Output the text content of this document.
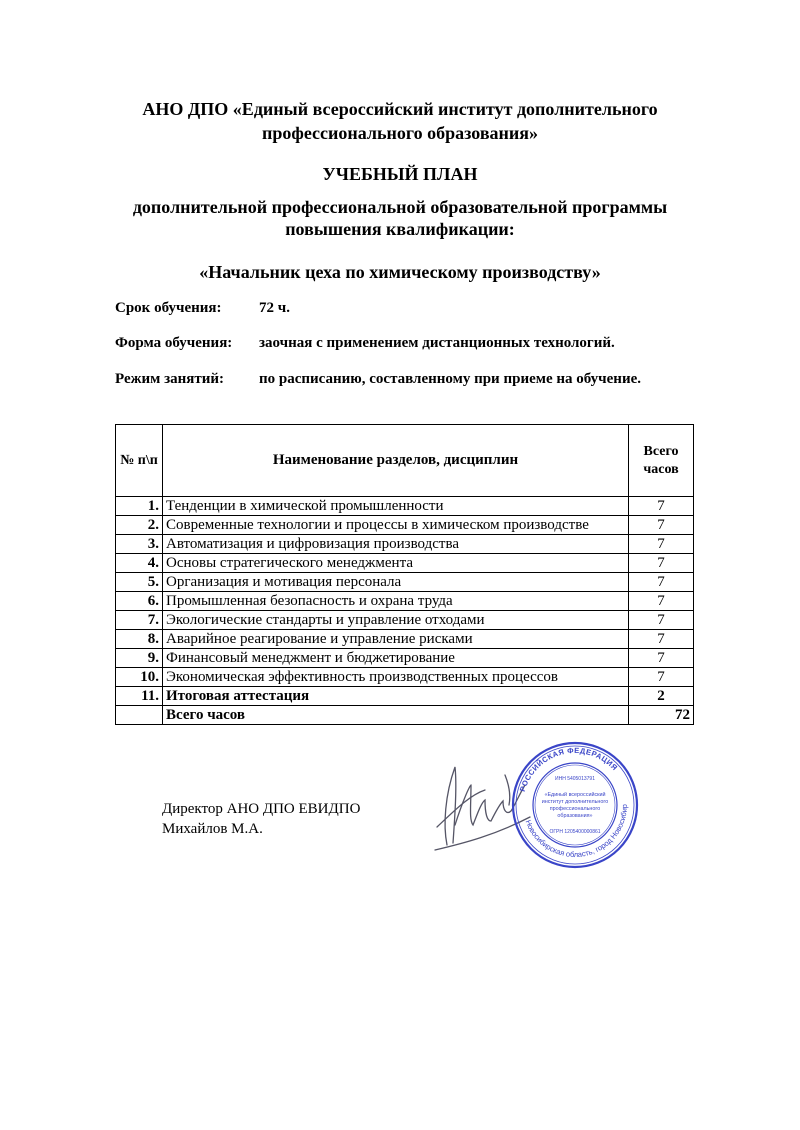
АНО ДПО «Единый всероссийский институт дополнительного
профессионального образования»
УЧЕБНЫЙ ПЛАН
дополнительной профессиональной образовательной программы
повышения квалификации:
«Начальник цеха по химическому производству»
Срок обучения: 72 ч.
Форма обучения: заочная с применением дистанционных технологий.
Режим занятий: по расписанию, составленному при приеме на обучение.
№ п\п	Наименование разделов, дисциплин	Всего
часов

1.	Тенденции в химической промышленности	7
2.	Современные технологии и процессы в химическом производстве	7
3.	Автоматизация и цифровизация производства	7
4.	Основы стратегического менеджмента	7
5.	Организация и мотивация персонала	7
6.	Промышленная безопасность и охрана труда	7
7.	Экологические стандарты и управление отходами	7
8.	Аварийное реагирование и управление рисками	7
9.	Финансовый менеджмент и бюджетирование	7
10.	Экономическая эффективность производственных процессов	7
11.	Итоговая аттестация	2
	Всего часов	72
Директор АНО ДПО ЕВИДПО
Михайлов М.А.
РОССИЙСКАЯ ФЕДЕРАЦИЯ
Новосибирская область, город Новосибир
ИНН 5405013791
«Единый всероссийский
институт дополнительного
профессионального
образования»
ОГРН 1205400000861
